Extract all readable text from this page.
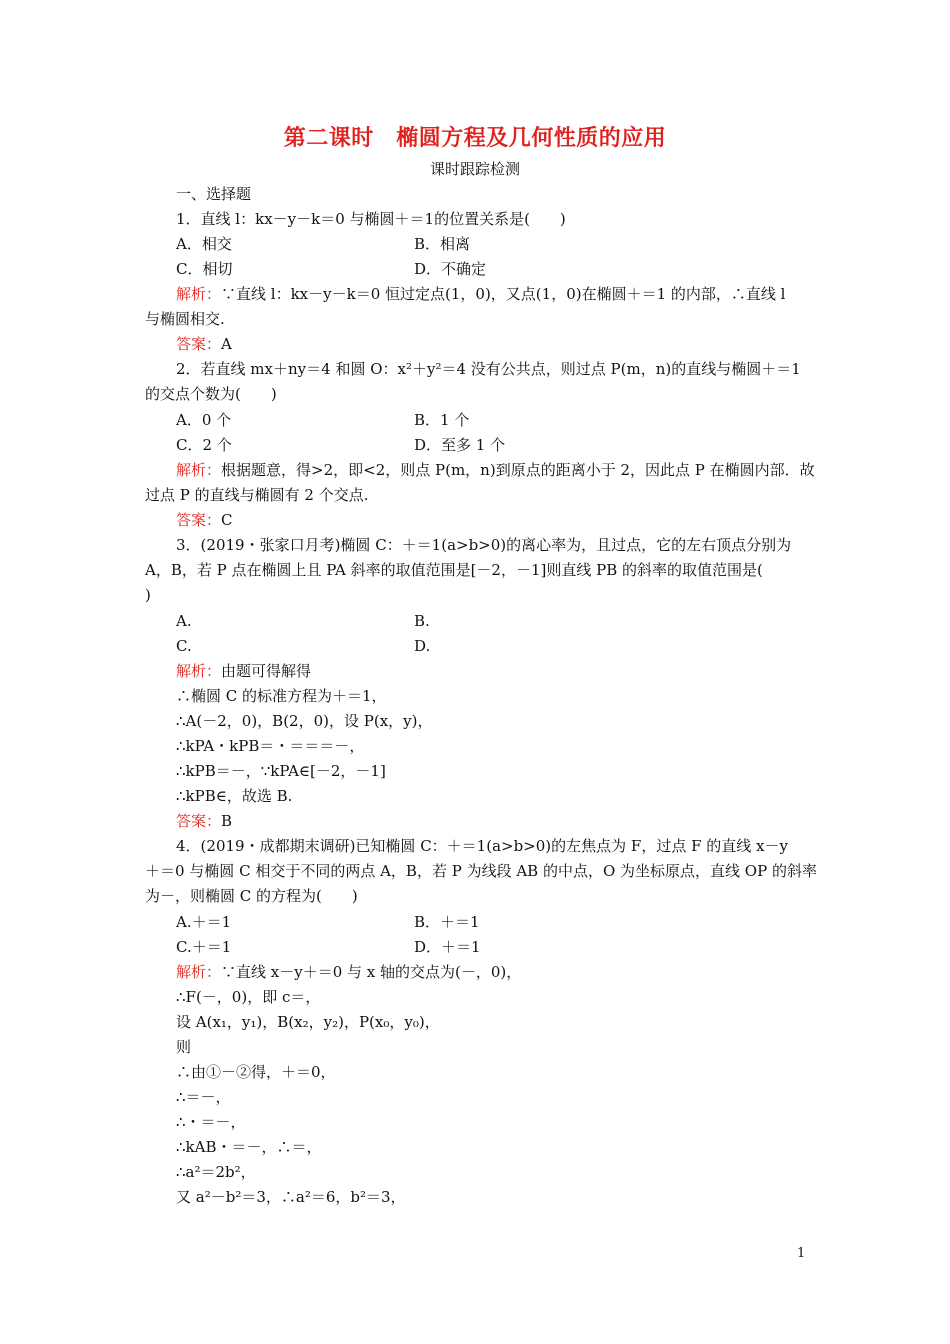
第二课时　椭圆方程及几何性质的应用
课时跟踪检测
一、选择题
1．直线 l：kx－y－k＝0 与椭圆＋＝1的位置关系是(　　)
A．相交	B．相离
C．相切	D．不确定
解析：∵直线 l：kx－y－k＝0 恒过定点(1，0)，又点(1，0)在椭圆＋＝1 的内部，∴直线 l
与椭圆相交.
答案：A
2．若直线 mx＋ny＝4 和圆 O：x²＋y²＝4 没有公共点，则过点 P(m，n)的直线与椭圆＋＝1
的交点个数为(　　)
A．0 个	B．1 个
C．2 个	D．至多 1 个
解析：根据题意，得>2，即<2，则点 P(m，n)到原点的距离小于 2，因此点 P 在椭圆内部．故
过点 P 的直线与椭圆有 2 个交点.
答案：C
3．(2019・张家口月考)椭圆 C：＋＝1(a>b>0)的离心率为，且过点，它的左右顶点分别为
A，B，若 P 点在椭圆上且 PA 斜率的取值范围是[－2，－1]则直线 PB 的斜率的取值范围是(
)
A.	B.
C.	D.
解析：由题可得解得
∴椭圆 C 的标准方程为＋＝1，
∴A(－2，0)，B(2，0)，设 P(x，y)，
∴kPA・kPB＝・＝＝＝－，
∴kPB＝－，∵kPA∈[－2，－1]
∴kPB∈，故选 B.
答案：B
4．(2019・成都期末调研)已知椭圆 C：＋＝1(a>b>0)的左焦点为 F，过点 F 的直线 x－y
＋＝0 与椭圆 C 相交于不同的两点 A，B，若 P 为线段 AB 的中点，O 为坐标原点，直线 OP 的斜率
为－，则椭圆 C 的方程为(　　)
A.＋＝1	B．＋＝1
C.＋＝1	D．＋＝1
解析：∵直线 x－y＋＝0 与 x 轴的交点为(－，0)，
∴F(－，0)，即 c＝，
设 A(x₁，y₁)，B(x₂，y₂)，P(x₀，y₀)，
则
∴由①－②得，＋＝0，
∴＝－，
∴・＝－，
∴kAB・＝－，∴＝，
∴a²＝2b²，
又 a²－b²＝3，∴a²＝6，b²＝3，
1
